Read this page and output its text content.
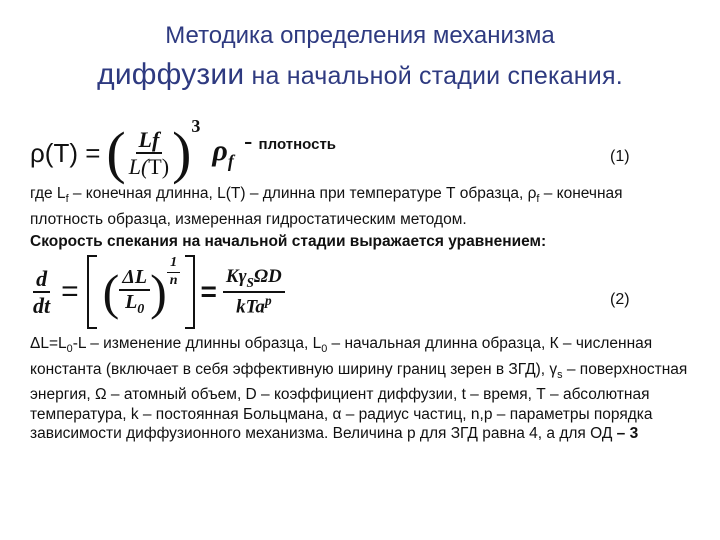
Методика определения механизма
диффузии на начальной стадии спекания.
ρ(T) = ( $\frac{Lf}{L(T)}$ ) 3
$\rho_f$
- плотность
(1)
где $L_f$ – конечная длинна, L(T) – длинна при температуре Т образца, $\rho_f$ – конечная плотность образца, измеренная гидростатическим методом.
Скорость спекания на начальной стадии выражается уравнением:
$\frac{d}{dt}$ = ( $\frac{\Delta L}{L_0}$ ) $\frac{1}{n}$
= $\frac{K\gamma_S\Omega D}{kTa^p}$	(2)
$\Delta L=L_0-L$ – изменение длинны образца, $L_0$ – начальная длинна образца, К – численная константа (включает в себя эффективную ширину границ зерен в ЗГД), $\gamma_s$ – поверхностная энергия, Ω – атомный объем, D – коэффициент диффузии, t – время, Т – абсолютная температура, k – постоянная Больцмана, α – радиус частиц, n,p – параметры порядка зависимости диффузионного механизма. Величина p для ЗГД равна 4, а для ОД – 3
